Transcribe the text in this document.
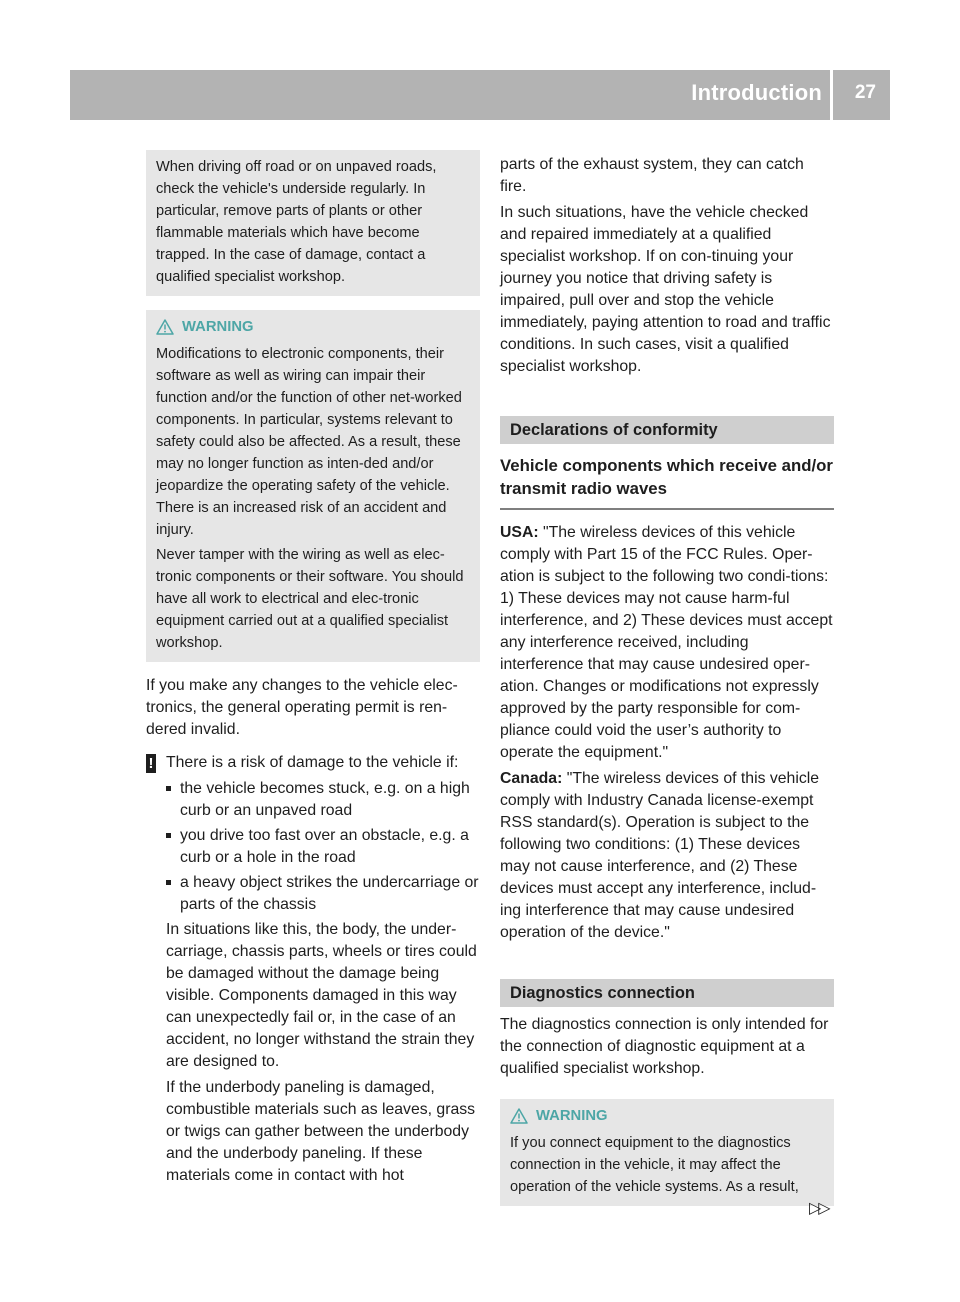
Introduction 27

When driving off road or on unpaved roads, check the vehicle's underside regularly. In particular, remove parts of plants or other flammable materials which have become trapped. In the case of damage, contact a qualified specialist workshop.

WARNING

Modifications to electronic components, their software as well as wiring can impair their function and/or the function of other net-worked components. In particular, systems relevant to safety could also be affected. As a result, these may no longer function as inten-ded and/or jeopardize the operating safety of the vehicle. There is an increased risk of an accident and injury.

Never tamper with the wiring as well as elec-tronic components or their software. You should have all work to electrical and elec-tronic equipment carried out at a qualified specialist workshop.

If you make any changes to the vehicle elec-tronics, the general operating permit is ren-dered invalid.

! There is a risk of damage to the vehicle if:
the vehicle becomes stuck, e.g. on a high curb or an unpaved road
you drive too fast over an obstacle, e.g. a curb or a hole in the road
a heavy object strikes the undercarriage or parts of the chassis

In situations like this, the body, the under-carriage, chassis parts, wheels or tires could be damaged without the damage being visible. Components damaged in this way can unexpectedly fail or, in the case of an accident, no longer withstand the strain they are designed to.

If the underbody paneling is damaged, combustible materials such as leaves, grass or twigs can gather between the underbody and the underbody paneling. If these materials come in contact with hot

parts of the exhaust system, they can catch fire.

In such situations, have the vehicle checked and repaired immediately at a qualified specialist workshop. If on con-tinuing your journey you notice that driving safety is impaired, pull over and stop the vehicle immediately, paying attention to road and traffic conditions. In such cases, visit a qualified specialist workshop.

Declarations of conformity
Vehicle components which receive and/or transmit radio waves

USA: "The wireless devices of this vehicle comply with Part 15 of the FCC Rules. Oper-ation is subject to the following two condi-tions: 1) These devices may not cause harm-ful interference, and 2) These devices must accept any interference received, including interference that may cause undesired oper-ation. Changes or modifications not expressly approved by the party responsible for com-pliance could void the user’s authority to operate the equipment."

Canada: "The wireless devices of this vehicle comply with Industry Canada license-exempt RSS standard(s). Operation is subject to the following two conditions: (1) These devices may not cause interference, and (2) These devices must accept any interference, includ-ing interference that may cause undesired operation of the device."

Diagnostics connection

The diagnostics connection is only intended for the connection of diagnostic equipment at a qualified specialist workshop.

WARNING

If you connect equipment to the diagnostics connection in the vehicle, it may affect the operation of the vehicle systems. As a result,

▷▷
